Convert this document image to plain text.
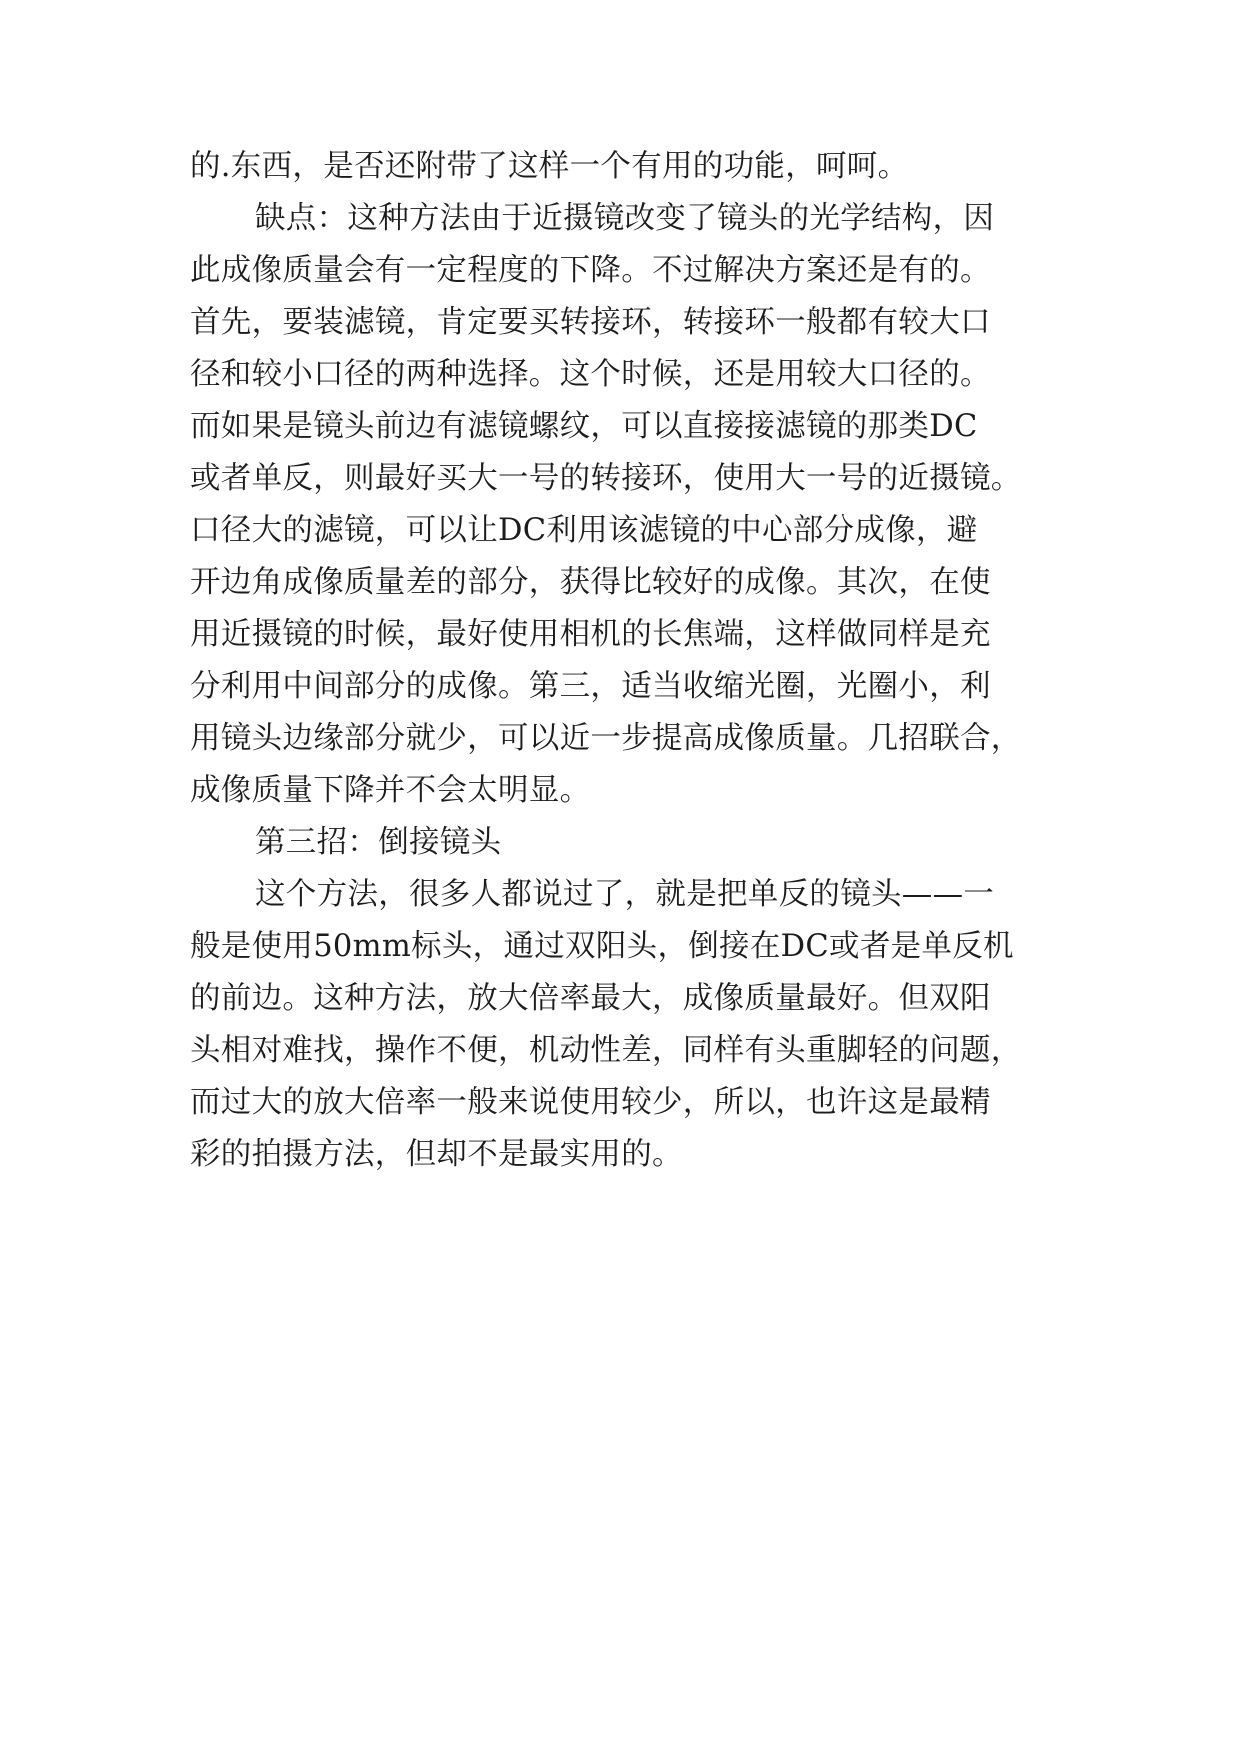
的.东西，是否还附带了这样一个有用的功能，呵呵。
缺点：这种方法由于近摄镜改变了镜头的光学结构，因
此成像质量会有一定程度的下降。不过解决方案还是有的。
首先，要装滤镜，肯定要买转接环，转接环一般都有较大口
径和较小口径的两种选择。这个时候，还是用较大口径的。
而如果是镜头前边有滤镜螺纹，可以直接接滤镜的那类DC
或者单反，则最好买大一号的转接环，使用大一号的近摄镜。
口径大的滤镜，可以让DC利用该滤镜的中心部分成像，避
开边角成像质量差的部分，获得比较好的成像。其次，在使
用近摄镜的时候，最好使用相机的长焦端，这样做同样是充
分利用中间部分的成像。第三，适当收缩光圈，光圈小，利
用镜头边缘部分就少，可以近一步提高成像质量。几招联合，
成像质量下降并不会太明显。
第三招：倒接镜头
这个方法，很多人都说过了，就是把单反的镜头——一
般是使用50mm标头，通过双阳头，倒接在DC或者是单反机
的前边。这种方法，放大倍率最大，成像质量最好。但双阳
头相对难找，操作不便，机动性差，同样有头重脚轻的问题，
而过大的放大倍率一般来说使用较少，所以，也许这是最精
彩的拍摄方法，但却不是最实用的。
